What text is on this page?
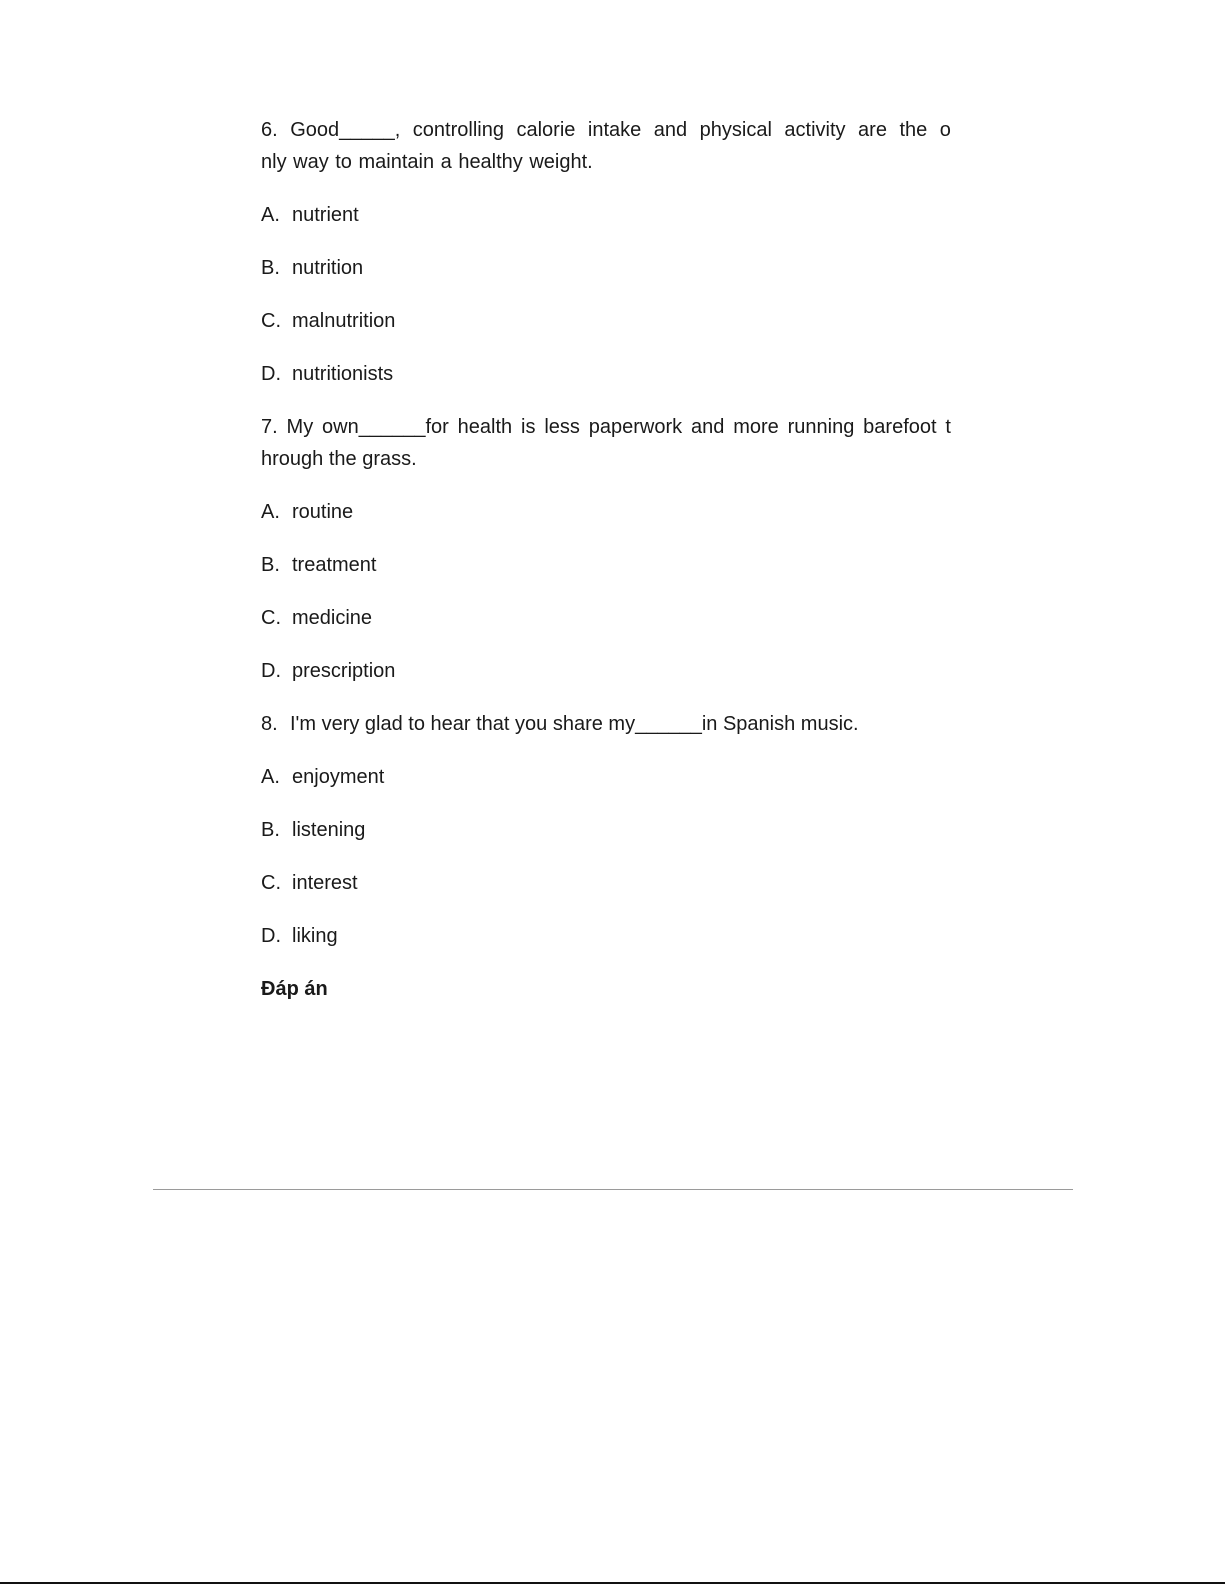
6. Good_____, controlling calorie intake and physical activity are the o
nly way to maintain a healthy weight.
A. nutrient
B. nutrition
C. malnutrition
D. nutritionists
7. My own______for health is less paperwork and more running barefoot t
hrough the grass.
A. routine
B. treatment
C. medicine
D. prescription
8. I'm very glad to hear that you share my______in Spanish music.
A. enjoyment
B. listening
C. interest
D. liking
Đáp án
